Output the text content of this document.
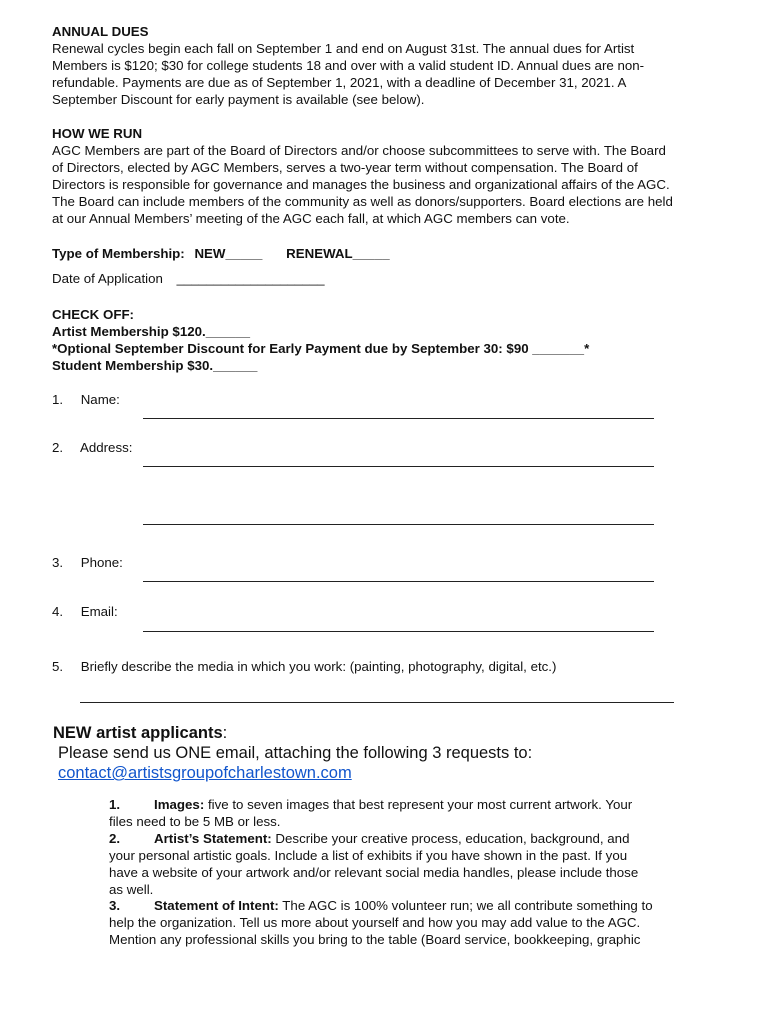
ANNUAL DUES

Renewal cycles begin each fall on September 1 and end on August 31st. The annual dues for Artist

Members is $120; $30 for college students 18 and over with a valid student ID. Annual dues are non-

refundable. Payments are due as of September 1, 2021, with a deadline of December 31, 2021. A

September Discount for early payment is available (see below).

HOW WE RUN

AGC Members are part of the Board of Directors and/or choose subcommittees to serve with. The Board

of Directors, elected by AGC Members, serves a two-year term without compensation. The Board of

Directors is responsible for governance and manages the business and organizational affairs of the AGC.

The Board can include members of the community as well as donors/supporters. Board elections are held

at our Annual Members’ meeting of the AGC each fall, at which AGC members can vote.

Type of Membership: NEW_____ RENEWAL_____
Date of Application ____________________

CHECK OFF:

Artist Membership $120.______

*Optional September Discount for Early Payment due by September 30: $90 _______*

Student Membership $30.______

1. Name:
2. Address:
3. Phone:
4. Email:
5. Briefly describe the media in which you work: (painting, photography, digital, etc.)

NEW artist applicants:

Please send us ONE email, attaching the following 3 requests to:

contact@artistsgroupofcharlestown.com

1.	Images: five to seven images that best represent your most current artwork. Your

files need to be 5 MB or less.

2.	Artist’s Statement: Describe your creative process, education, background, and

your personal artistic goals. Include a list of exhibits if you have shown in the past. If you

have a website of your artwork and/or relevant social media handles, please include those

as well.

3.	Statement of Intent: The AGC is 100% volunteer run; we all contribute something to

help the organization. Tell us more about yourself and how you may add value to the AGC.

Mention any professional skills you bring to the table (Board service, bookkeeping, graphic
